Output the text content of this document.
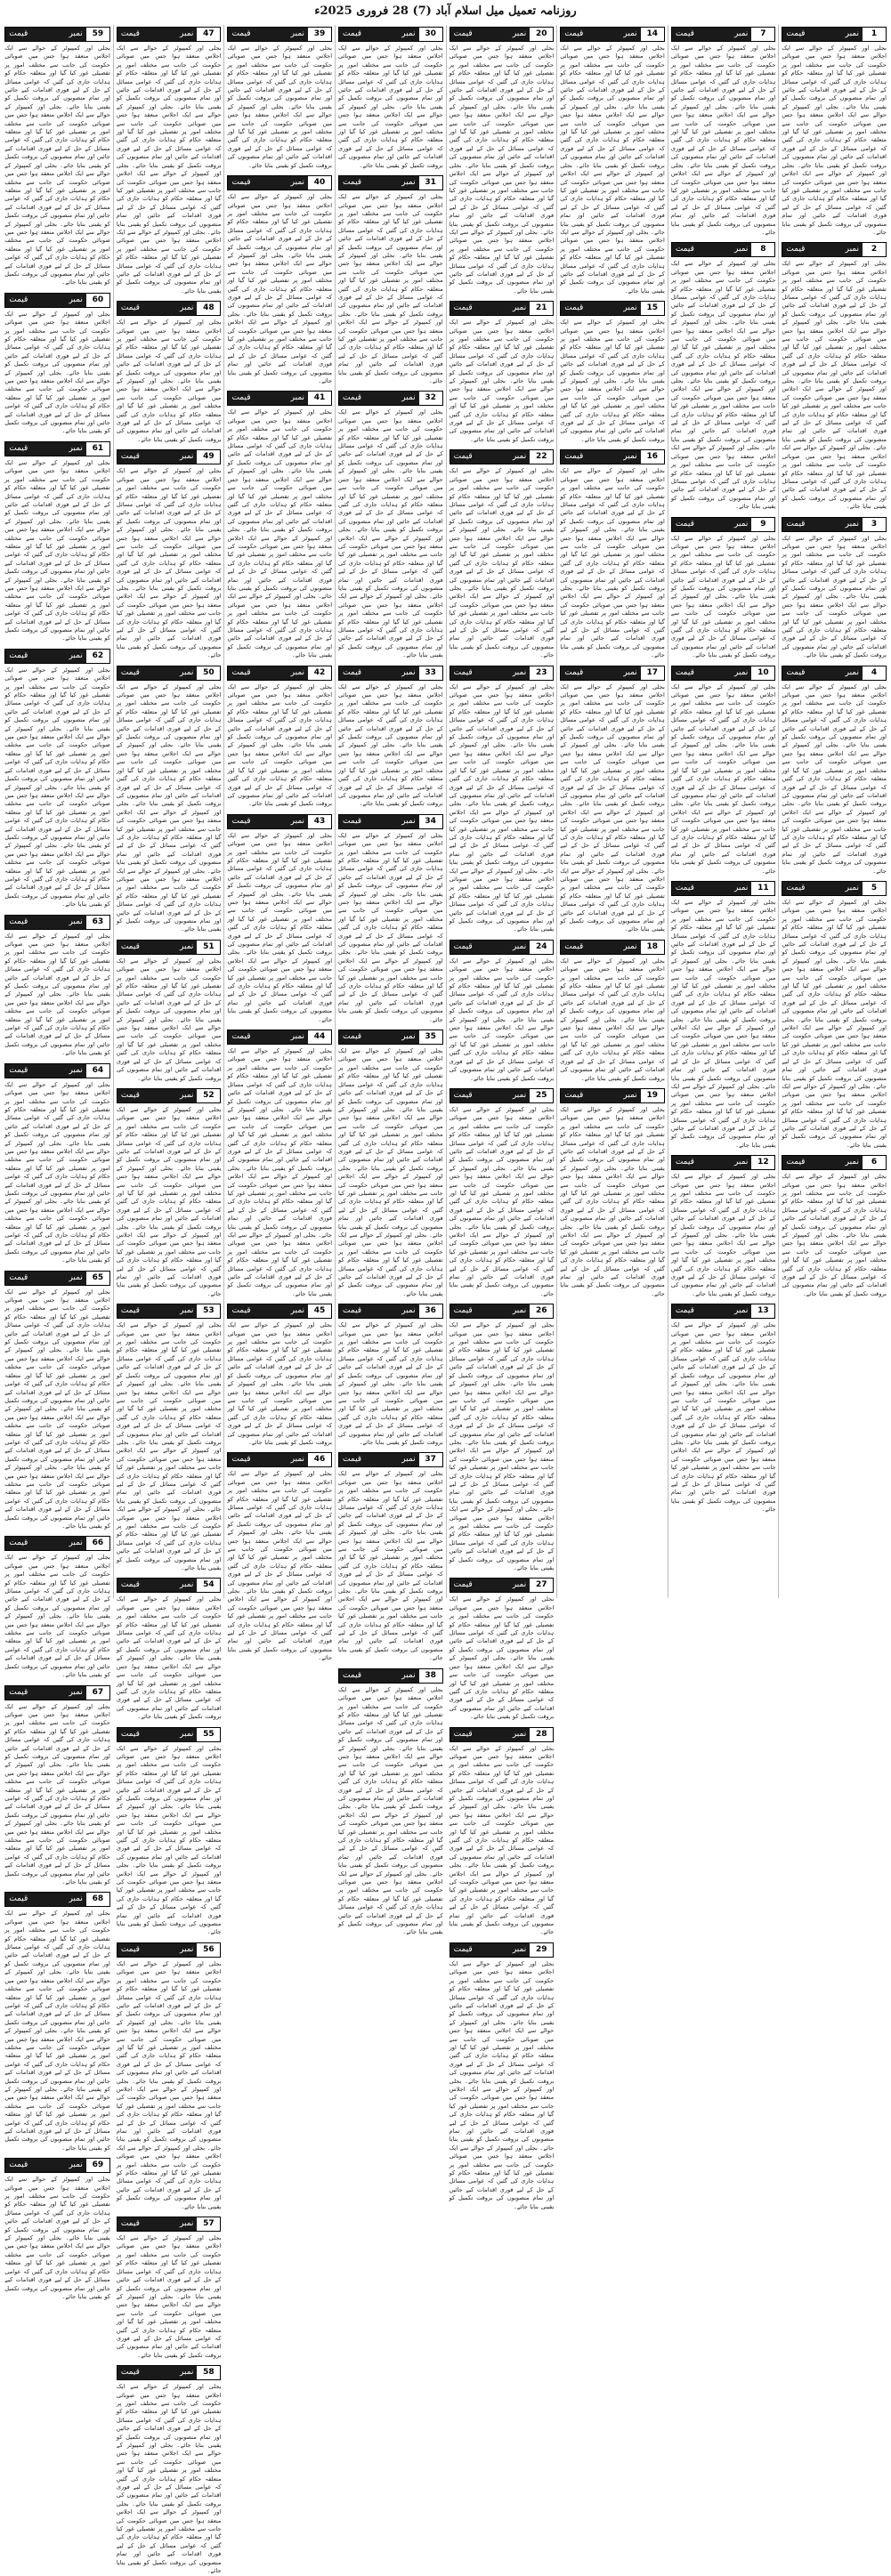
روزنامہ تعمیل میل اسلام آباد (7) 28 فروری 2025ء
نمبر
قیمت	1
بجلی اور کمپیوٹر کے حوالے سے ایک اجلاس منعقد ہوا جس میں صوبائی حکومت کی جانب سے مختلف امور پر تفصیلی غور کیا گیا اور متعلقہ حکام کو ہدایات جاری کی گئیں کہ عوامی مسائل کے حل کے لیے فوری اقدامات کیے جائیں اور تمام منصوبوں کی بروقت تکمیل کو یقینی بنایا جائے۔ بجلی اور کمپیوٹر کے حوالے سے ایک اجلاس منعقد ہوا جس میں صوبائی حکومت کی جانب سے مختلف امور پر تفصیلی غور کیا گیا اور متعلقہ حکام کو ہدایات جاری کی گئیں کہ عوامی مسائل کے حل کے لیے فوری اقدامات کیے جائیں اور تمام منصوبوں کی بروقت تکمیل کو یقینی بنایا جائے۔ بجلی اور کمپیوٹر کے حوالے سے ایک اجلاس منعقد ہوا جس میں صوبائی حکومت کی جانب سے مختلف امور پر تفصیلی غور کیا گیا اور متعلقہ حکام کو ہدایات جاری کی گئیں کہ عوامی مسائل کے حل کے لیے فوری اقدامات کیے جائیں اور تمام منصوبوں کی بروقت تکمیل کو یقینی بنایا جائے۔
نمبر
قیمت	2
بجلی اور کمپیوٹر کے حوالے سے ایک اجلاس منعقد ہوا جس میں صوبائی حکومت کی جانب سے مختلف امور پر تفصیلی غور کیا گیا اور متعلقہ حکام کو ہدایات جاری کی گئیں کہ عوامی مسائل کے حل کے لیے فوری اقدامات کیے جائیں اور تمام منصوبوں کی بروقت تکمیل کو یقینی بنایا جائے۔ بجلی اور کمپیوٹر کے حوالے سے ایک اجلاس منعقد ہوا جس میں صوبائی حکومت کی جانب سے مختلف امور پر تفصیلی غور کیا گیا اور متعلقہ حکام کو ہدایات جاری کی گئیں کہ عوامی مسائل کے حل کے لیے فوری اقدامات کیے جائیں اور تمام منصوبوں کی بروقت تکمیل کو یقینی بنایا جائے۔ بجلی اور کمپیوٹر کے حوالے سے ایک اجلاس منعقد ہوا جس میں صوبائی حکومت کی جانب سے مختلف امور پر تفصیلی غور کیا گیا اور متعلقہ حکام کو ہدایات جاری کی گئیں کہ عوامی مسائل کے حل کے لیے فوری اقدامات کیے جائیں اور تمام منصوبوں کی بروقت تکمیل کو یقینی بنایا جائے۔ بجلی اور کمپیوٹر کے حوالے سے ایک اجلاس منعقد ہوا جس میں صوبائی حکومت کی جانب سے مختلف امور پر تفصیلی غور کیا گیا اور متعلقہ حکام کو ہدایات جاری کی گئیں کہ عوامی مسائل کے حل کے لیے فوری اقدامات کیے جائیں اور تمام منصوبوں کی بروقت تکمیل کو یقینی بنایا جائے۔
نمبر
قیمت	3
بجلی اور کمپیوٹر کے حوالے سے ایک اجلاس منعقد ہوا جس میں صوبائی حکومت کی جانب سے مختلف امور پر تفصیلی غور کیا گیا اور متعلقہ حکام کو ہدایات جاری کی گئیں کہ عوامی مسائل کے حل کے لیے فوری اقدامات کیے جائیں اور تمام منصوبوں کی بروقت تکمیل کو یقینی بنایا جائے۔ بجلی اور کمپیوٹر کے حوالے سے ایک اجلاس منعقد ہوا جس میں صوبائی حکومت کی جانب سے مختلف امور پر تفصیلی غور کیا گیا اور متعلقہ حکام کو ہدایات جاری کی گئیں کہ عوامی مسائل کے حل کے لیے فوری اقدامات کیے جائیں اور تمام منصوبوں کی بروقت تکمیل کو یقینی بنایا جائے۔
نمبر
قیمت	4
بجلی اور کمپیوٹر کے حوالے سے ایک اجلاس منعقد ہوا جس میں صوبائی حکومت کی جانب سے مختلف امور پر تفصیلی غور کیا گیا اور متعلقہ حکام کو ہدایات جاری کی گئیں کہ عوامی مسائل کے حل کے لیے فوری اقدامات کیے جائیں اور تمام منصوبوں کی بروقت تکمیل کو یقینی بنایا جائے۔ بجلی اور کمپیوٹر کے حوالے سے ایک اجلاس منعقد ہوا جس میں صوبائی حکومت کی جانب سے مختلف امور پر تفصیلی غور کیا گیا اور متعلقہ حکام کو ہدایات جاری کی گئیں کہ عوامی مسائل کے حل کے لیے فوری اقدامات کیے جائیں اور تمام منصوبوں کی بروقت تکمیل کو یقینی بنایا جائے۔ بجلی اور کمپیوٹر کے حوالے سے ایک اجلاس منعقد ہوا جس میں صوبائی حکومت کی جانب سے مختلف امور پر تفصیلی غور کیا گیا اور متعلقہ حکام کو ہدایات جاری کی گئیں کہ عوامی مسائل کے حل کے لیے فوری اقدامات کیے جائیں اور تمام منصوبوں کی بروقت تکمیل کو یقینی بنایا جائے۔
نمبر
قیمت	5
بجلی اور کمپیوٹر کے حوالے سے ایک اجلاس منعقد ہوا جس میں صوبائی حکومت کی جانب سے مختلف امور پر تفصیلی غور کیا گیا اور متعلقہ حکام کو ہدایات جاری کی گئیں کہ عوامی مسائل کے حل کے لیے فوری اقدامات کیے جائیں اور تمام منصوبوں کی بروقت تکمیل کو یقینی بنایا جائے۔ بجلی اور کمپیوٹر کے حوالے سے ایک اجلاس منعقد ہوا جس میں صوبائی حکومت کی جانب سے مختلف امور پر تفصیلی غور کیا گیا اور متعلقہ حکام کو ہدایات جاری کی گئیں کہ عوامی مسائل کے حل کے لیے فوری اقدامات کیے جائیں اور تمام منصوبوں کی بروقت تکمیل کو یقینی بنایا جائے۔ بجلی اور کمپیوٹر کے حوالے سے ایک اجلاس منعقد ہوا جس میں صوبائی حکومت کی جانب سے مختلف امور پر تفصیلی غور کیا گیا اور متعلقہ حکام کو ہدایات جاری کی گئیں کہ عوامی مسائل کے حل کے لیے فوری اقدامات کیے جائیں اور تمام منصوبوں کی بروقت تکمیل کو یقینی بنایا جائے۔ بجلی اور کمپیوٹر کے حوالے سے ایک اجلاس منعقد ہوا جس میں صوبائی حکومت کی جانب سے مختلف امور پر تفصیلی غور کیا گیا اور متعلقہ حکام کو ہدایات جاری کی گئیں کہ عوامی مسائل کے حل کے لیے فوری اقدامات کیے جائیں اور تمام منصوبوں کی بروقت تکمیل کو یقینی بنایا جائے۔
نمبر
قیمت	6
بجلی اور کمپیوٹر کے حوالے سے ایک اجلاس منعقد ہوا جس میں صوبائی حکومت کی جانب سے مختلف امور پر تفصیلی غور کیا گیا اور متعلقہ حکام کو ہدایات جاری کی گئیں کہ عوامی مسائل کے حل کے لیے فوری اقدامات کیے جائیں اور تمام منصوبوں کی بروقت تکمیل کو یقینی بنایا جائے۔ بجلی اور کمپیوٹر کے حوالے سے ایک اجلاس منعقد ہوا جس میں صوبائی حکومت کی جانب سے مختلف امور پر تفصیلی غور کیا گیا اور متعلقہ حکام کو ہدایات جاری کی گئیں کہ عوامی مسائل کے حل کے لیے فوری اقدامات کیے جائیں اور تمام منصوبوں کی بروقت تکمیل کو یقینی بنایا جائے۔
نمبر
قیمت	7
بجلی اور کمپیوٹر کے حوالے سے ایک اجلاس منعقد ہوا جس میں صوبائی حکومت کی جانب سے مختلف امور پر تفصیلی غور کیا گیا اور متعلقہ حکام کو ہدایات جاری کی گئیں کہ عوامی مسائل کے حل کے لیے فوری اقدامات کیے جائیں اور تمام منصوبوں کی بروقت تکمیل کو یقینی بنایا جائے۔ بجلی اور کمپیوٹر کے حوالے سے ایک اجلاس منعقد ہوا جس میں صوبائی حکومت کی جانب سے مختلف امور پر تفصیلی غور کیا گیا اور متعلقہ حکام کو ہدایات جاری کی گئیں کہ عوامی مسائل کے حل کے لیے فوری اقدامات کیے جائیں اور تمام منصوبوں کی بروقت تکمیل کو یقینی بنایا جائے۔ بجلی اور کمپیوٹر کے حوالے سے ایک اجلاس منعقد ہوا جس میں صوبائی حکومت کی جانب سے مختلف امور پر تفصیلی غور کیا گیا اور متعلقہ حکام کو ہدایات جاری کی گئیں کہ عوامی مسائل کے حل کے لیے فوری اقدامات کیے جائیں اور تمام منصوبوں کی بروقت تکمیل کو یقینی بنایا جائے۔
نمبر
قیمت	8
بجلی اور کمپیوٹر کے حوالے سے ایک اجلاس منعقد ہوا جس میں صوبائی حکومت کی جانب سے مختلف امور پر تفصیلی غور کیا گیا اور متعلقہ حکام کو ہدایات جاری کی گئیں کہ عوامی مسائل کے حل کے لیے فوری اقدامات کیے جائیں اور تمام منصوبوں کی بروقت تکمیل کو یقینی بنایا جائے۔ بجلی اور کمپیوٹر کے حوالے سے ایک اجلاس منعقد ہوا جس میں صوبائی حکومت کی جانب سے مختلف امور پر تفصیلی غور کیا گیا اور متعلقہ حکام کو ہدایات جاری کی گئیں کہ عوامی مسائل کے حل کے لیے فوری اقدامات کیے جائیں اور تمام منصوبوں کی بروقت تکمیل کو یقینی بنایا جائے۔ بجلی اور کمپیوٹر کے حوالے سے ایک اجلاس منعقد ہوا جس میں صوبائی حکومت کی جانب سے مختلف امور پر تفصیلی غور کیا گیا اور متعلقہ حکام کو ہدایات جاری کی گئیں کہ عوامی مسائل کے حل کے لیے فوری اقدامات کیے جائیں اور تمام منصوبوں کی بروقت تکمیل کو یقینی بنایا جائے۔ بجلی اور کمپیوٹر کے حوالے سے ایک اجلاس منعقد ہوا جس میں صوبائی حکومت کی جانب سے مختلف امور پر تفصیلی غور کیا گیا اور متعلقہ حکام کو ہدایات جاری کی گئیں کہ عوامی مسائل کے حل کے لیے فوری اقدامات کیے جائیں اور تمام منصوبوں کی بروقت تکمیل کو یقینی بنایا جائے۔
نمبر
قیمت	9
بجلی اور کمپیوٹر کے حوالے سے ایک اجلاس منعقد ہوا جس میں صوبائی حکومت کی جانب سے مختلف امور پر تفصیلی غور کیا گیا اور متعلقہ حکام کو ہدایات جاری کی گئیں کہ عوامی مسائل کے حل کے لیے فوری اقدامات کیے جائیں اور تمام منصوبوں کی بروقت تکمیل کو یقینی بنایا جائے۔ بجلی اور کمپیوٹر کے حوالے سے ایک اجلاس منعقد ہوا جس میں صوبائی حکومت کی جانب سے مختلف امور پر تفصیلی غور کیا گیا اور متعلقہ حکام کو ہدایات جاری کی گئیں کہ عوامی مسائل کے حل کے لیے فوری اقدامات کیے جائیں اور تمام منصوبوں کی بروقت تکمیل کو یقینی بنایا جائے۔
نمبر
قیمت	10
بجلی اور کمپیوٹر کے حوالے سے ایک اجلاس منعقد ہوا جس میں صوبائی حکومت کی جانب سے مختلف امور پر تفصیلی غور کیا گیا اور متعلقہ حکام کو ہدایات جاری کی گئیں کہ عوامی مسائل کے حل کے لیے فوری اقدامات کیے جائیں اور تمام منصوبوں کی بروقت تکمیل کو یقینی بنایا جائے۔ بجلی اور کمپیوٹر کے حوالے سے ایک اجلاس منعقد ہوا جس میں صوبائی حکومت کی جانب سے مختلف امور پر تفصیلی غور کیا گیا اور متعلقہ حکام کو ہدایات جاری کی گئیں کہ عوامی مسائل کے حل کے لیے فوری اقدامات کیے جائیں اور تمام منصوبوں کی بروقت تکمیل کو یقینی بنایا جائے۔ بجلی اور کمپیوٹر کے حوالے سے ایک اجلاس منعقد ہوا جس میں صوبائی حکومت کی جانب سے مختلف امور پر تفصیلی غور کیا گیا اور متعلقہ حکام کو ہدایات جاری کی گئیں کہ عوامی مسائل کے حل کے لیے فوری اقدامات کیے جائیں اور تمام منصوبوں کی بروقت تکمیل کو یقینی بنایا جائے۔
نمبر
قیمت	11
بجلی اور کمپیوٹر کے حوالے سے ایک اجلاس منعقد ہوا جس میں صوبائی حکومت کی جانب سے مختلف امور پر تفصیلی غور کیا گیا اور متعلقہ حکام کو ہدایات جاری کی گئیں کہ عوامی مسائل کے حل کے لیے فوری اقدامات کیے جائیں اور تمام منصوبوں کی بروقت تکمیل کو یقینی بنایا جائے۔ بجلی اور کمپیوٹر کے حوالے سے ایک اجلاس منعقد ہوا جس میں صوبائی حکومت کی جانب سے مختلف امور پر تفصیلی غور کیا گیا اور متعلقہ حکام کو ہدایات جاری کی گئیں کہ عوامی مسائل کے حل کے لیے فوری اقدامات کیے جائیں اور تمام منصوبوں کی بروقت تکمیل کو یقینی بنایا جائے۔ بجلی اور کمپیوٹر کے حوالے سے ایک اجلاس منعقد ہوا جس میں صوبائی حکومت کی جانب سے مختلف امور پر تفصیلی غور کیا گیا اور متعلقہ حکام کو ہدایات جاری کی گئیں کہ عوامی مسائل کے حل کے لیے فوری اقدامات کیے جائیں اور تمام منصوبوں کی بروقت تکمیل کو یقینی بنایا جائے۔ بجلی اور کمپیوٹر کے حوالے سے ایک اجلاس منعقد ہوا جس میں صوبائی حکومت کی جانب سے مختلف امور پر تفصیلی غور کیا گیا اور متعلقہ حکام کو ہدایات جاری کی گئیں کہ عوامی مسائل کے حل کے لیے فوری اقدامات کیے جائیں اور تمام منصوبوں کی بروقت تکمیل کو یقینی بنایا جائے۔
نمبر
قیمت	12
بجلی اور کمپیوٹر کے حوالے سے ایک اجلاس منعقد ہوا جس میں صوبائی حکومت کی جانب سے مختلف امور پر تفصیلی غور کیا گیا اور متعلقہ حکام کو ہدایات جاری کی گئیں کہ عوامی مسائل کے حل کے لیے فوری اقدامات کیے جائیں اور تمام منصوبوں کی بروقت تکمیل کو یقینی بنایا جائے۔ بجلی اور کمپیوٹر کے حوالے سے ایک اجلاس منعقد ہوا جس میں صوبائی حکومت کی جانب سے مختلف امور پر تفصیلی غور کیا گیا اور متعلقہ حکام کو ہدایات جاری کی گئیں کہ عوامی مسائل کے حل کے لیے فوری اقدامات کیے جائیں اور تمام منصوبوں کی بروقت تکمیل کو یقینی بنایا جائے۔
نمبر
قیمت	13
بجلی اور کمپیوٹر کے حوالے سے ایک اجلاس منعقد ہوا جس میں صوبائی حکومت کی جانب سے مختلف امور پر تفصیلی غور کیا گیا اور متعلقہ حکام کو ہدایات جاری کی گئیں کہ عوامی مسائل کے حل کے لیے فوری اقدامات کیے جائیں اور تمام منصوبوں کی بروقت تکمیل کو یقینی بنایا جائے۔ بجلی اور کمپیوٹر کے حوالے سے ایک اجلاس منعقد ہوا جس میں صوبائی حکومت کی جانب سے مختلف امور پر تفصیلی غور کیا گیا اور متعلقہ حکام کو ہدایات جاری کی گئیں کہ عوامی مسائل کے حل کے لیے فوری اقدامات کیے جائیں اور تمام منصوبوں کی بروقت تکمیل کو یقینی بنایا جائے۔ بجلی اور کمپیوٹر کے حوالے سے ایک اجلاس منعقد ہوا جس میں صوبائی حکومت کی جانب سے مختلف امور پر تفصیلی غور کیا گیا اور متعلقہ حکام کو ہدایات جاری کی گئیں کہ عوامی مسائل کے حل کے لیے فوری اقدامات کیے جائیں اور تمام منصوبوں کی بروقت تکمیل کو یقینی بنایا جائے۔
نمبر
قیمت	14
بجلی اور کمپیوٹر کے حوالے سے ایک اجلاس منعقد ہوا جس میں صوبائی حکومت کی جانب سے مختلف امور پر تفصیلی غور کیا گیا اور متعلقہ حکام کو ہدایات جاری کی گئیں کہ عوامی مسائل کے حل کے لیے فوری اقدامات کیے جائیں اور تمام منصوبوں کی بروقت تکمیل کو یقینی بنایا جائے۔ بجلی اور کمپیوٹر کے حوالے سے ایک اجلاس منعقد ہوا جس میں صوبائی حکومت کی جانب سے مختلف امور پر تفصیلی غور کیا گیا اور متعلقہ حکام کو ہدایات جاری کی گئیں کہ عوامی مسائل کے حل کے لیے فوری اقدامات کیے جائیں اور تمام منصوبوں کی بروقت تکمیل کو یقینی بنایا جائے۔ بجلی اور کمپیوٹر کے حوالے سے ایک اجلاس منعقد ہوا جس میں صوبائی حکومت کی جانب سے مختلف امور پر تفصیلی غور کیا گیا اور متعلقہ حکام کو ہدایات جاری کی گئیں کہ عوامی مسائل کے حل کے لیے فوری اقدامات کیے جائیں اور تمام منصوبوں کی بروقت تکمیل کو یقینی بنایا جائے۔ بجلی اور کمپیوٹر کے حوالے سے ایک اجلاس منعقد ہوا جس میں صوبائی حکومت کی جانب سے مختلف امور پر تفصیلی غور کیا گیا اور متعلقہ حکام کو ہدایات جاری کی گئیں کہ عوامی مسائل کے حل کے لیے فوری اقدامات کیے جائیں اور تمام منصوبوں کی بروقت تکمیل کو یقینی بنایا جائے۔
نمبر
قیمت	15
بجلی اور کمپیوٹر کے حوالے سے ایک اجلاس منعقد ہوا جس میں صوبائی حکومت کی جانب سے مختلف امور پر تفصیلی غور کیا گیا اور متعلقہ حکام کو ہدایات جاری کی گئیں کہ عوامی مسائل کے حل کے لیے فوری اقدامات کیے جائیں اور تمام منصوبوں کی بروقت تکمیل کو یقینی بنایا جائے۔ بجلی اور کمپیوٹر کے حوالے سے ایک اجلاس منعقد ہوا جس میں صوبائی حکومت کی جانب سے مختلف امور پر تفصیلی غور کیا گیا اور متعلقہ حکام کو ہدایات جاری کی گئیں کہ عوامی مسائل کے حل کے لیے فوری اقدامات کیے جائیں اور تمام منصوبوں کی بروقت تکمیل کو یقینی بنایا جائے۔
نمبر
قیمت	16
بجلی اور کمپیوٹر کے حوالے سے ایک اجلاس منعقد ہوا جس میں صوبائی حکومت کی جانب سے مختلف امور پر تفصیلی غور کیا گیا اور متعلقہ حکام کو ہدایات جاری کی گئیں کہ عوامی مسائل کے حل کے لیے فوری اقدامات کیے جائیں اور تمام منصوبوں کی بروقت تکمیل کو یقینی بنایا جائے۔ بجلی اور کمپیوٹر کے حوالے سے ایک اجلاس منعقد ہوا جس میں صوبائی حکومت کی جانب سے مختلف امور پر تفصیلی غور کیا گیا اور متعلقہ حکام کو ہدایات جاری کی گئیں کہ عوامی مسائل کے حل کے لیے فوری اقدامات کیے جائیں اور تمام منصوبوں کی بروقت تکمیل کو یقینی بنایا جائے۔ بجلی اور کمپیوٹر کے حوالے سے ایک اجلاس منعقد ہوا جس میں صوبائی حکومت کی جانب سے مختلف امور پر تفصیلی غور کیا گیا اور متعلقہ حکام کو ہدایات جاری کی گئیں کہ عوامی مسائل کے حل کے لیے فوری اقدامات کیے جائیں اور تمام منصوبوں کی بروقت تکمیل کو یقینی بنایا جائے۔
نمبر
قیمت	17
بجلی اور کمپیوٹر کے حوالے سے ایک اجلاس منعقد ہوا جس میں صوبائی حکومت کی جانب سے مختلف امور پر تفصیلی غور کیا گیا اور متعلقہ حکام کو ہدایات جاری کی گئیں کہ عوامی مسائل کے حل کے لیے فوری اقدامات کیے جائیں اور تمام منصوبوں کی بروقت تکمیل کو یقینی بنایا جائے۔ بجلی اور کمپیوٹر کے حوالے سے ایک اجلاس منعقد ہوا جس میں صوبائی حکومت کی جانب سے مختلف امور پر تفصیلی غور کیا گیا اور متعلقہ حکام کو ہدایات جاری کی گئیں کہ عوامی مسائل کے حل کے لیے فوری اقدامات کیے جائیں اور تمام منصوبوں کی بروقت تکمیل کو یقینی بنایا جائے۔ بجلی اور کمپیوٹر کے حوالے سے ایک اجلاس منعقد ہوا جس میں صوبائی حکومت کی جانب سے مختلف امور پر تفصیلی غور کیا گیا اور متعلقہ حکام کو ہدایات جاری کی گئیں کہ عوامی مسائل کے حل کے لیے فوری اقدامات کیے جائیں اور تمام منصوبوں کی بروقت تکمیل کو یقینی بنایا جائے۔ بجلی اور کمپیوٹر کے حوالے سے ایک اجلاس منعقد ہوا جس میں صوبائی حکومت کی جانب سے مختلف امور پر تفصیلی غور کیا گیا اور متعلقہ حکام کو ہدایات جاری کی گئیں کہ عوامی مسائل کے حل کے لیے فوری اقدامات کیے جائیں اور تمام منصوبوں کی بروقت تکمیل کو یقینی بنایا جائے۔
نمبر
قیمت	18
بجلی اور کمپیوٹر کے حوالے سے ایک اجلاس منعقد ہوا جس میں صوبائی حکومت کی جانب سے مختلف امور پر تفصیلی غور کیا گیا اور متعلقہ حکام کو ہدایات جاری کی گئیں کہ عوامی مسائل کے حل کے لیے فوری اقدامات کیے جائیں اور تمام منصوبوں کی بروقت تکمیل کو یقینی بنایا جائے۔ بجلی اور کمپیوٹر کے حوالے سے ایک اجلاس منعقد ہوا جس میں صوبائی حکومت کی جانب سے مختلف امور پر تفصیلی غور کیا گیا اور متعلقہ حکام کو ہدایات جاری کی گئیں کہ عوامی مسائل کے حل کے لیے فوری اقدامات کیے جائیں اور تمام منصوبوں کی بروقت تکمیل کو یقینی بنایا جائے۔
نمبر
قیمت	19
بجلی اور کمپیوٹر کے حوالے سے ایک اجلاس منعقد ہوا جس میں صوبائی حکومت کی جانب سے مختلف امور پر تفصیلی غور کیا گیا اور متعلقہ حکام کو ہدایات جاری کی گئیں کہ عوامی مسائل کے حل کے لیے فوری اقدامات کیے جائیں اور تمام منصوبوں کی بروقت تکمیل کو یقینی بنایا جائے۔ بجلی اور کمپیوٹر کے حوالے سے ایک اجلاس منعقد ہوا جس میں صوبائی حکومت کی جانب سے مختلف امور پر تفصیلی غور کیا گیا اور متعلقہ حکام کو ہدایات جاری کی گئیں کہ عوامی مسائل کے حل کے لیے فوری اقدامات کیے جائیں اور تمام منصوبوں کی بروقت تکمیل کو یقینی بنایا جائے۔ بجلی اور کمپیوٹر کے حوالے سے ایک اجلاس منعقد ہوا جس میں صوبائی حکومت کی جانب سے مختلف امور پر تفصیلی غور کیا گیا اور متعلقہ حکام کو ہدایات جاری کی گئیں کہ عوامی مسائل کے حل کے لیے فوری اقدامات کیے جائیں اور تمام منصوبوں کی بروقت تکمیل کو یقینی بنایا جائے۔
نمبر
قیمت	20
بجلی اور کمپیوٹر کے حوالے سے ایک اجلاس منعقد ہوا جس میں صوبائی حکومت کی جانب سے مختلف امور پر تفصیلی غور کیا گیا اور متعلقہ حکام کو ہدایات جاری کی گئیں کہ عوامی مسائل کے حل کے لیے فوری اقدامات کیے جائیں اور تمام منصوبوں کی بروقت تکمیل کو یقینی بنایا جائے۔ بجلی اور کمپیوٹر کے حوالے سے ایک اجلاس منعقد ہوا جس میں صوبائی حکومت کی جانب سے مختلف امور پر تفصیلی غور کیا گیا اور متعلقہ حکام کو ہدایات جاری کی گئیں کہ عوامی مسائل کے حل کے لیے فوری اقدامات کیے جائیں اور تمام منصوبوں کی بروقت تکمیل کو یقینی بنایا جائے۔ بجلی اور کمپیوٹر کے حوالے سے ایک اجلاس منعقد ہوا جس میں صوبائی حکومت کی جانب سے مختلف امور پر تفصیلی غور کیا گیا اور متعلقہ حکام کو ہدایات جاری کی گئیں کہ عوامی مسائل کے حل کے لیے فوری اقدامات کیے جائیں اور تمام منصوبوں کی بروقت تکمیل کو یقینی بنایا جائے۔ بجلی اور کمپیوٹر کے حوالے سے ایک اجلاس منعقد ہوا جس میں صوبائی حکومت کی جانب سے مختلف امور پر تفصیلی غور کیا گیا اور متعلقہ حکام کو ہدایات جاری کی گئیں کہ عوامی مسائل کے حل کے لیے فوری اقدامات کیے جائیں اور تمام منصوبوں کی بروقت تکمیل کو یقینی بنایا جائے۔
نمبر
قیمت	21
بجلی اور کمپیوٹر کے حوالے سے ایک اجلاس منعقد ہوا جس میں صوبائی حکومت کی جانب سے مختلف امور پر تفصیلی غور کیا گیا اور متعلقہ حکام کو ہدایات جاری کی گئیں کہ عوامی مسائل کے حل کے لیے فوری اقدامات کیے جائیں اور تمام منصوبوں کی بروقت تکمیل کو یقینی بنایا جائے۔ بجلی اور کمپیوٹر کے حوالے سے ایک اجلاس منعقد ہوا جس میں صوبائی حکومت کی جانب سے مختلف امور پر تفصیلی غور کیا گیا اور متعلقہ حکام کو ہدایات جاری کی گئیں کہ عوامی مسائل کے حل کے لیے فوری اقدامات کیے جائیں اور تمام منصوبوں کی بروقت تکمیل کو یقینی بنایا جائے۔
نمبر
قیمت	22
بجلی اور کمپیوٹر کے حوالے سے ایک اجلاس منعقد ہوا جس میں صوبائی حکومت کی جانب سے مختلف امور پر تفصیلی غور کیا گیا اور متعلقہ حکام کو ہدایات جاری کی گئیں کہ عوامی مسائل کے حل کے لیے فوری اقدامات کیے جائیں اور تمام منصوبوں کی بروقت تکمیل کو یقینی بنایا جائے۔ بجلی اور کمپیوٹر کے حوالے سے ایک اجلاس منعقد ہوا جس میں صوبائی حکومت کی جانب سے مختلف امور پر تفصیلی غور کیا گیا اور متعلقہ حکام کو ہدایات جاری کی گئیں کہ عوامی مسائل کے حل کے لیے فوری اقدامات کیے جائیں اور تمام منصوبوں کی بروقت تکمیل کو یقینی بنایا جائے۔ بجلی اور کمپیوٹر کے حوالے سے ایک اجلاس منعقد ہوا جس میں صوبائی حکومت کی جانب سے مختلف امور پر تفصیلی غور کیا گیا اور متعلقہ حکام کو ہدایات جاری کی گئیں کہ عوامی مسائل کے حل کے لیے فوری اقدامات کیے جائیں اور تمام منصوبوں کی بروقت تکمیل کو یقینی بنایا جائے۔
نمبر
قیمت	23
بجلی اور کمپیوٹر کے حوالے سے ایک اجلاس منعقد ہوا جس میں صوبائی حکومت کی جانب سے مختلف امور پر تفصیلی غور کیا گیا اور متعلقہ حکام کو ہدایات جاری کی گئیں کہ عوامی مسائل کے حل کے لیے فوری اقدامات کیے جائیں اور تمام منصوبوں کی بروقت تکمیل کو یقینی بنایا جائے۔ بجلی اور کمپیوٹر کے حوالے سے ایک اجلاس منعقد ہوا جس میں صوبائی حکومت کی جانب سے مختلف امور پر تفصیلی غور کیا گیا اور متعلقہ حکام کو ہدایات جاری کی گئیں کہ عوامی مسائل کے حل کے لیے فوری اقدامات کیے جائیں اور تمام منصوبوں کی بروقت تکمیل کو یقینی بنایا جائے۔ بجلی اور کمپیوٹر کے حوالے سے ایک اجلاس منعقد ہوا جس میں صوبائی حکومت کی جانب سے مختلف امور پر تفصیلی غور کیا گیا اور متعلقہ حکام کو ہدایات جاری کی گئیں کہ عوامی مسائل کے حل کے لیے فوری اقدامات کیے جائیں اور تمام منصوبوں کی بروقت تکمیل کو یقینی بنایا جائے۔ بجلی اور کمپیوٹر کے حوالے سے ایک اجلاس منعقد ہوا جس میں صوبائی حکومت کی جانب سے مختلف امور پر تفصیلی غور کیا گیا اور متعلقہ حکام کو ہدایات جاری کی گئیں کہ عوامی مسائل کے حل کے لیے فوری اقدامات کیے جائیں اور تمام منصوبوں کی بروقت تکمیل کو یقینی بنایا جائے۔
نمبر
قیمت	24
بجلی اور کمپیوٹر کے حوالے سے ایک اجلاس منعقد ہوا جس میں صوبائی حکومت کی جانب سے مختلف امور پر تفصیلی غور کیا گیا اور متعلقہ حکام کو ہدایات جاری کی گئیں کہ عوامی مسائل کے حل کے لیے فوری اقدامات کیے جائیں اور تمام منصوبوں کی بروقت تکمیل کو یقینی بنایا جائے۔ بجلی اور کمپیوٹر کے حوالے سے ایک اجلاس منعقد ہوا جس میں صوبائی حکومت کی جانب سے مختلف امور پر تفصیلی غور کیا گیا اور متعلقہ حکام کو ہدایات جاری کی گئیں کہ عوامی مسائل کے حل کے لیے فوری اقدامات کیے جائیں اور تمام منصوبوں کی بروقت تکمیل کو یقینی بنایا جائے۔
نمبر
قیمت	25
بجلی اور کمپیوٹر کے حوالے سے ایک اجلاس منعقد ہوا جس میں صوبائی حکومت کی جانب سے مختلف امور پر تفصیلی غور کیا گیا اور متعلقہ حکام کو ہدایات جاری کی گئیں کہ عوامی مسائل کے حل کے لیے فوری اقدامات کیے جائیں اور تمام منصوبوں کی بروقت تکمیل کو یقینی بنایا جائے۔ بجلی اور کمپیوٹر کے حوالے سے ایک اجلاس منعقد ہوا جس میں صوبائی حکومت کی جانب سے مختلف امور پر تفصیلی غور کیا گیا اور متعلقہ حکام کو ہدایات جاری کی گئیں کہ عوامی مسائل کے حل کے لیے فوری اقدامات کیے جائیں اور تمام منصوبوں کی بروقت تکمیل کو یقینی بنایا جائے۔ بجلی اور کمپیوٹر کے حوالے سے ایک اجلاس منعقد ہوا جس میں صوبائی حکومت کی جانب سے مختلف امور پر تفصیلی غور کیا گیا اور متعلقہ حکام کو ہدایات جاری کی گئیں کہ عوامی مسائل کے حل کے لیے فوری اقدامات کیے جائیں اور تمام منصوبوں کی بروقت تکمیل کو یقینی بنایا جائے۔
نمبر
قیمت	26
بجلی اور کمپیوٹر کے حوالے سے ایک اجلاس منعقد ہوا جس میں صوبائی حکومت کی جانب سے مختلف امور پر تفصیلی غور کیا گیا اور متعلقہ حکام کو ہدایات جاری کی گئیں کہ عوامی مسائل کے حل کے لیے فوری اقدامات کیے جائیں اور تمام منصوبوں کی بروقت تکمیل کو یقینی بنایا جائے۔ بجلی اور کمپیوٹر کے حوالے سے ایک اجلاس منعقد ہوا جس میں صوبائی حکومت کی جانب سے مختلف امور پر تفصیلی غور کیا گیا اور متعلقہ حکام کو ہدایات جاری کی گئیں کہ عوامی مسائل کے حل کے لیے فوری اقدامات کیے جائیں اور تمام منصوبوں کی بروقت تکمیل کو یقینی بنایا جائے۔ بجلی اور کمپیوٹر کے حوالے سے ایک اجلاس منعقد ہوا جس میں صوبائی حکومت کی جانب سے مختلف امور پر تفصیلی غور کیا گیا اور متعلقہ حکام کو ہدایات جاری کی گئیں کہ عوامی مسائل کے حل کے لیے فوری اقدامات کیے جائیں اور تمام منصوبوں کی بروقت تکمیل کو یقینی بنایا جائے۔ بجلی اور کمپیوٹر کے حوالے سے ایک اجلاس منعقد ہوا جس میں صوبائی حکومت کی جانب سے مختلف امور پر تفصیلی غور کیا گیا اور متعلقہ حکام کو ہدایات جاری کی گئیں کہ عوامی مسائل کے حل کے لیے فوری اقدامات کیے جائیں اور تمام منصوبوں کی بروقت تکمیل کو یقینی بنایا جائے۔
نمبر
قیمت	27
بجلی اور کمپیوٹر کے حوالے سے ایک اجلاس منعقد ہوا جس میں صوبائی حکومت کی جانب سے مختلف امور پر تفصیلی غور کیا گیا اور متعلقہ حکام کو ہدایات جاری کی گئیں کہ عوامی مسائل کے حل کے لیے فوری اقدامات کیے جائیں اور تمام منصوبوں کی بروقت تکمیل کو یقینی بنایا جائے۔ بجلی اور کمپیوٹر کے حوالے سے ایک اجلاس منعقد ہوا جس میں صوبائی حکومت کی جانب سے مختلف امور پر تفصیلی غور کیا گیا اور متعلقہ حکام کو ہدایات جاری کی گئیں کہ عوامی مسائل کے حل کے لیے فوری اقدامات کیے جائیں اور تمام منصوبوں کی بروقت تکمیل کو یقینی بنایا جائے۔
نمبر
قیمت	28
بجلی اور کمپیوٹر کے حوالے سے ایک اجلاس منعقد ہوا جس میں صوبائی حکومت کی جانب سے مختلف امور پر تفصیلی غور کیا گیا اور متعلقہ حکام کو ہدایات جاری کی گئیں کہ عوامی مسائل کے حل کے لیے فوری اقدامات کیے جائیں اور تمام منصوبوں کی بروقت تکمیل کو یقینی بنایا جائے۔ بجلی اور کمپیوٹر کے حوالے سے ایک اجلاس منعقد ہوا جس میں صوبائی حکومت کی جانب سے مختلف امور پر تفصیلی غور کیا گیا اور متعلقہ حکام کو ہدایات جاری کی گئیں کہ عوامی مسائل کے حل کے لیے فوری اقدامات کیے جائیں اور تمام منصوبوں کی بروقت تکمیل کو یقینی بنایا جائے۔ بجلی اور کمپیوٹر کے حوالے سے ایک اجلاس منعقد ہوا جس میں صوبائی حکومت کی جانب سے مختلف امور پر تفصیلی غور کیا گیا اور متعلقہ حکام کو ہدایات جاری کی گئیں کہ عوامی مسائل کے حل کے لیے فوری اقدامات کیے جائیں اور تمام منصوبوں کی بروقت تکمیل کو یقینی بنایا جائے۔
نمبر
قیمت	29
بجلی اور کمپیوٹر کے حوالے سے ایک اجلاس منعقد ہوا جس میں صوبائی حکومت کی جانب سے مختلف امور پر تفصیلی غور کیا گیا اور متعلقہ حکام کو ہدایات جاری کی گئیں کہ عوامی مسائل کے حل کے لیے فوری اقدامات کیے جائیں اور تمام منصوبوں کی بروقت تکمیل کو یقینی بنایا جائے۔ بجلی اور کمپیوٹر کے حوالے سے ایک اجلاس منعقد ہوا جس میں صوبائی حکومت کی جانب سے مختلف امور پر تفصیلی غور کیا گیا اور متعلقہ حکام کو ہدایات جاری کی گئیں کہ عوامی مسائل کے حل کے لیے فوری اقدامات کیے جائیں اور تمام منصوبوں کی بروقت تکمیل کو یقینی بنایا جائے۔ بجلی اور کمپیوٹر کے حوالے سے ایک اجلاس منعقد ہوا جس میں صوبائی حکومت کی جانب سے مختلف امور پر تفصیلی غور کیا گیا اور متعلقہ حکام کو ہدایات جاری کی گئیں کہ عوامی مسائل کے حل کے لیے فوری اقدامات کیے جائیں اور تمام منصوبوں کی بروقت تکمیل کو یقینی بنایا جائے۔ بجلی اور کمپیوٹر کے حوالے سے ایک اجلاس منعقد ہوا جس میں صوبائی حکومت کی جانب سے مختلف امور پر تفصیلی غور کیا گیا اور متعلقہ حکام کو ہدایات جاری کی گئیں کہ عوامی مسائل کے حل کے لیے فوری اقدامات کیے جائیں اور تمام منصوبوں کی بروقت تکمیل کو یقینی بنایا جائے۔
نمبر
قیمت	30
بجلی اور کمپیوٹر کے حوالے سے ایک اجلاس منعقد ہوا جس میں صوبائی حکومت کی جانب سے مختلف امور پر تفصیلی غور کیا گیا اور متعلقہ حکام کو ہدایات جاری کی گئیں کہ عوامی مسائل کے حل کے لیے فوری اقدامات کیے جائیں اور تمام منصوبوں کی بروقت تکمیل کو یقینی بنایا جائے۔ بجلی اور کمپیوٹر کے حوالے سے ایک اجلاس منعقد ہوا جس میں صوبائی حکومت کی جانب سے مختلف امور پر تفصیلی غور کیا گیا اور متعلقہ حکام کو ہدایات جاری کی گئیں کہ عوامی مسائل کے حل کے لیے فوری اقدامات کیے جائیں اور تمام منصوبوں کی بروقت تکمیل کو یقینی بنایا جائے۔
نمبر
قیمت	31
بجلی اور کمپیوٹر کے حوالے سے ایک اجلاس منعقد ہوا جس میں صوبائی حکومت کی جانب سے مختلف امور پر تفصیلی غور کیا گیا اور متعلقہ حکام کو ہدایات جاری کی گئیں کہ عوامی مسائل کے حل کے لیے فوری اقدامات کیے جائیں اور تمام منصوبوں کی بروقت تکمیل کو یقینی بنایا جائے۔ بجلی اور کمپیوٹر کے حوالے سے ایک اجلاس منعقد ہوا جس میں صوبائی حکومت کی جانب سے مختلف امور پر تفصیلی غور کیا گیا اور متعلقہ حکام کو ہدایات جاری کی گئیں کہ عوامی مسائل کے حل کے لیے فوری اقدامات کیے جائیں اور تمام منصوبوں کی بروقت تکمیل کو یقینی بنایا جائے۔ بجلی اور کمپیوٹر کے حوالے سے ایک اجلاس منعقد ہوا جس میں صوبائی حکومت کی جانب سے مختلف امور پر تفصیلی غور کیا گیا اور متعلقہ حکام کو ہدایات جاری کی گئیں کہ عوامی مسائل کے حل کے لیے فوری اقدامات کیے جائیں اور تمام منصوبوں کی بروقت تکمیل کو یقینی بنایا جائے۔
نمبر
قیمت	32
بجلی اور کمپیوٹر کے حوالے سے ایک اجلاس منعقد ہوا جس میں صوبائی حکومت کی جانب سے مختلف امور پر تفصیلی غور کیا گیا اور متعلقہ حکام کو ہدایات جاری کی گئیں کہ عوامی مسائل کے حل کے لیے فوری اقدامات کیے جائیں اور تمام منصوبوں کی بروقت تکمیل کو یقینی بنایا جائے۔ بجلی اور کمپیوٹر کے حوالے سے ایک اجلاس منعقد ہوا جس میں صوبائی حکومت کی جانب سے مختلف امور پر تفصیلی غور کیا گیا اور متعلقہ حکام کو ہدایات جاری کی گئیں کہ عوامی مسائل کے حل کے لیے فوری اقدامات کیے جائیں اور تمام منصوبوں کی بروقت تکمیل کو یقینی بنایا جائے۔ بجلی اور کمپیوٹر کے حوالے سے ایک اجلاس منعقد ہوا جس میں صوبائی حکومت کی جانب سے مختلف امور پر تفصیلی غور کیا گیا اور متعلقہ حکام کو ہدایات جاری کی گئیں کہ عوامی مسائل کے حل کے لیے فوری اقدامات کیے جائیں اور تمام منصوبوں کی بروقت تکمیل کو یقینی بنایا جائے۔ بجلی اور کمپیوٹر کے حوالے سے ایک اجلاس منعقد ہوا جس میں صوبائی حکومت کی جانب سے مختلف امور پر تفصیلی غور کیا گیا اور متعلقہ حکام کو ہدایات جاری کی گئیں کہ عوامی مسائل کے حل کے لیے فوری اقدامات کیے جائیں اور تمام منصوبوں کی بروقت تکمیل کو یقینی بنایا جائے۔
نمبر
قیمت	33
بجلی اور کمپیوٹر کے حوالے سے ایک اجلاس منعقد ہوا جس میں صوبائی حکومت کی جانب سے مختلف امور پر تفصیلی غور کیا گیا اور متعلقہ حکام کو ہدایات جاری کی گئیں کہ عوامی مسائل کے حل کے لیے فوری اقدامات کیے جائیں اور تمام منصوبوں کی بروقت تکمیل کو یقینی بنایا جائے۔ بجلی اور کمپیوٹر کے حوالے سے ایک اجلاس منعقد ہوا جس میں صوبائی حکومت کی جانب سے مختلف امور پر تفصیلی غور کیا گیا اور متعلقہ حکام کو ہدایات جاری کی گئیں کہ عوامی مسائل کے حل کے لیے فوری اقدامات کیے جائیں اور تمام منصوبوں کی بروقت تکمیل کو یقینی بنایا جائے۔
نمبر
قیمت	34
بجلی اور کمپیوٹر کے حوالے سے ایک اجلاس منعقد ہوا جس میں صوبائی حکومت کی جانب سے مختلف امور پر تفصیلی غور کیا گیا اور متعلقہ حکام کو ہدایات جاری کی گئیں کہ عوامی مسائل کے حل کے لیے فوری اقدامات کیے جائیں اور تمام منصوبوں کی بروقت تکمیل کو یقینی بنایا جائے۔ بجلی اور کمپیوٹر کے حوالے سے ایک اجلاس منعقد ہوا جس میں صوبائی حکومت کی جانب سے مختلف امور پر تفصیلی غور کیا گیا اور متعلقہ حکام کو ہدایات جاری کی گئیں کہ عوامی مسائل کے حل کے لیے فوری اقدامات کیے جائیں اور تمام منصوبوں کی بروقت تکمیل کو یقینی بنایا جائے۔ بجلی اور کمپیوٹر کے حوالے سے ایک اجلاس منعقد ہوا جس میں صوبائی حکومت کی جانب سے مختلف امور پر تفصیلی غور کیا گیا اور متعلقہ حکام کو ہدایات جاری کی گئیں کہ عوامی مسائل کے حل کے لیے فوری اقدامات کیے جائیں اور تمام منصوبوں کی بروقت تکمیل کو یقینی بنایا جائے۔
نمبر
قیمت	35
بجلی اور کمپیوٹر کے حوالے سے ایک اجلاس منعقد ہوا جس میں صوبائی حکومت کی جانب سے مختلف امور پر تفصیلی غور کیا گیا اور متعلقہ حکام کو ہدایات جاری کی گئیں کہ عوامی مسائل کے حل کے لیے فوری اقدامات کیے جائیں اور تمام منصوبوں کی بروقت تکمیل کو یقینی بنایا جائے۔ بجلی اور کمپیوٹر کے حوالے سے ایک اجلاس منعقد ہوا جس میں صوبائی حکومت کی جانب سے مختلف امور پر تفصیلی غور کیا گیا اور متعلقہ حکام کو ہدایات جاری کی گئیں کہ عوامی مسائل کے حل کے لیے فوری اقدامات کیے جائیں اور تمام منصوبوں کی بروقت تکمیل کو یقینی بنایا جائے۔ بجلی اور کمپیوٹر کے حوالے سے ایک اجلاس منعقد ہوا جس میں صوبائی حکومت کی جانب سے مختلف امور پر تفصیلی غور کیا گیا اور متعلقہ حکام کو ہدایات جاری کی گئیں کہ عوامی مسائل کے حل کے لیے فوری اقدامات کیے جائیں اور تمام منصوبوں کی بروقت تکمیل کو یقینی بنایا جائے۔ بجلی اور کمپیوٹر کے حوالے سے ایک اجلاس منعقد ہوا جس میں صوبائی حکومت کی جانب سے مختلف امور پر تفصیلی غور کیا گیا اور متعلقہ حکام کو ہدایات جاری کی گئیں کہ عوامی مسائل کے حل کے لیے فوری اقدامات کیے جائیں اور تمام منصوبوں کی بروقت تکمیل کو یقینی بنایا جائے۔
نمبر
قیمت	36
بجلی اور کمپیوٹر کے حوالے سے ایک اجلاس منعقد ہوا جس میں صوبائی حکومت کی جانب سے مختلف امور پر تفصیلی غور کیا گیا اور متعلقہ حکام کو ہدایات جاری کی گئیں کہ عوامی مسائل کے حل کے لیے فوری اقدامات کیے جائیں اور تمام منصوبوں کی بروقت تکمیل کو یقینی بنایا جائے۔ بجلی اور کمپیوٹر کے حوالے سے ایک اجلاس منعقد ہوا جس میں صوبائی حکومت کی جانب سے مختلف امور پر تفصیلی غور کیا گیا اور متعلقہ حکام کو ہدایات جاری کی گئیں کہ عوامی مسائل کے حل کے لیے فوری اقدامات کیے جائیں اور تمام منصوبوں کی بروقت تکمیل کو یقینی بنایا جائے۔
نمبر
قیمت	37
بجلی اور کمپیوٹر کے حوالے سے ایک اجلاس منعقد ہوا جس میں صوبائی حکومت کی جانب سے مختلف امور پر تفصیلی غور کیا گیا اور متعلقہ حکام کو ہدایات جاری کی گئیں کہ عوامی مسائل کے حل کے لیے فوری اقدامات کیے جائیں اور تمام منصوبوں کی بروقت تکمیل کو یقینی بنایا جائے۔ بجلی اور کمپیوٹر کے حوالے سے ایک اجلاس منعقد ہوا جس میں صوبائی حکومت کی جانب سے مختلف امور پر تفصیلی غور کیا گیا اور متعلقہ حکام کو ہدایات جاری کی گئیں کہ عوامی مسائل کے حل کے لیے فوری اقدامات کیے جائیں اور تمام منصوبوں کی بروقت تکمیل کو یقینی بنایا جائے۔ بجلی اور کمپیوٹر کے حوالے سے ایک اجلاس منعقد ہوا جس میں صوبائی حکومت کی جانب سے مختلف امور پر تفصیلی غور کیا گیا اور متعلقہ حکام کو ہدایات جاری کی گئیں کہ عوامی مسائل کے حل کے لیے فوری اقدامات کیے جائیں اور تمام منصوبوں کی بروقت تکمیل کو یقینی بنایا جائے۔
نمبر
قیمت	38
بجلی اور کمپیوٹر کے حوالے سے ایک اجلاس منعقد ہوا جس میں صوبائی حکومت کی جانب سے مختلف امور پر تفصیلی غور کیا گیا اور متعلقہ حکام کو ہدایات جاری کی گئیں کہ عوامی مسائل کے حل کے لیے فوری اقدامات کیے جائیں اور تمام منصوبوں کی بروقت تکمیل کو یقینی بنایا جائے۔ بجلی اور کمپیوٹر کے حوالے سے ایک اجلاس منعقد ہوا جس میں صوبائی حکومت کی جانب سے مختلف امور پر تفصیلی غور کیا گیا اور متعلقہ حکام کو ہدایات جاری کی گئیں کہ عوامی مسائل کے حل کے لیے فوری اقدامات کیے جائیں اور تمام منصوبوں کی بروقت تکمیل کو یقینی بنایا جائے۔ بجلی اور کمپیوٹر کے حوالے سے ایک اجلاس منعقد ہوا جس میں صوبائی حکومت کی جانب سے مختلف امور پر تفصیلی غور کیا گیا اور متعلقہ حکام کو ہدایات جاری کی گئیں کہ عوامی مسائل کے حل کے لیے فوری اقدامات کیے جائیں اور تمام منصوبوں کی بروقت تکمیل کو یقینی بنایا جائے۔ بجلی اور کمپیوٹر کے حوالے سے ایک اجلاس منعقد ہوا جس میں صوبائی حکومت کی جانب سے مختلف امور پر تفصیلی غور کیا گیا اور متعلقہ حکام کو ہدایات جاری کی گئیں کہ عوامی مسائل کے حل کے لیے فوری اقدامات کیے جائیں اور تمام منصوبوں کی بروقت تکمیل کو یقینی بنایا جائے۔
نمبر
قیمت	39
بجلی اور کمپیوٹر کے حوالے سے ایک اجلاس منعقد ہوا جس میں صوبائی حکومت کی جانب سے مختلف امور پر تفصیلی غور کیا گیا اور متعلقہ حکام کو ہدایات جاری کی گئیں کہ عوامی مسائل کے حل کے لیے فوری اقدامات کیے جائیں اور تمام منصوبوں کی بروقت تکمیل کو یقینی بنایا جائے۔ بجلی اور کمپیوٹر کے حوالے سے ایک اجلاس منعقد ہوا جس میں صوبائی حکومت کی جانب سے مختلف امور پر تفصیلی غور کیا گیا اور متعلقہ حکام کو ہدایات جاری کی گئیں کہ عوامی مسائل کے حل کے لیے فوری اقدامات کیے جائیں اور تمام منصوبوں کی بروقت تکمیل کو یقینی بنایا جائے۔
نمبر
قیمت	40
بجلی اور کمپیوٹر کے حوالے سے ایک اجلاس منعقد ہوا جس میں صوبائی حکومت کی جانب سے مختلف امور پر تفصیلی غور کیا گیا اور متعلقہ حکام کو ہدایات جاری کی گئیں کہ عوامی مسائل کے حل کے لیے فوری اقدامات کیے جائیں اور تمام منصوبوں کی بروقت تکمیل کو یقینی بنایا جائے۔ بجلی اور کمپیوٹر کے حوالے سے ایک اجلاس منعقد ہوا جس میں صوبائی حکومت کی جانب سے مختلف امور پر تفصیلی غور کیا گیا اور متعلقہ حکام کو ہدایات جاری کی گئیں کہ عوامی مسائل کے حل کے لیے فوری اقدامات کیے جائیں اور تمام منصوبوں کی بروقت تکمیل کو یقینی بنایا جائے۔ بجلی اور کمپیوٹر کے حوالے سے ایک اجلاس منعقد ہوا جس میں صوبائی حکومت کی جانب سے مختلف امور پر تفصیلی غور کیا گیا اور متعلقہ حکام کو ہدایات جاری کی گئیں کہ عوامی مسائل کے حل کے لیے فوری اقدامات کیے جائیں اور تمام منصوبوں کی بروقت تکمیل کو یقینی بنایا جائے۔
نمبر
قیمت	41
بجلی اور کمپیوٹر کے حوالے سے ایک اجلاس منعقد ہوا جس میں صوبائی حکومت کی جانب سے مختلف امور پر تفصیلی غور کیا گیا اور متعلقہ حکام کو ہدایات جاری کی گئیں کہ عوامی مسائل کے حل کے لیے فوری اقدامات کیے جائیں اور تمام منصوبوں کی بروقت تکمیل کو یقینی بنایا جائے۔ بجلی اور کمپیوٹر کے حوالے سے ایک اجلاس منعقد ہوا جس میں صوبائی حکومت کی جانب سے مختلف امور پر تفصیلی غور کیا گیا اور متعلقہ حکام کو ہدایات جاری کی گئیں کہ عوامی مسائل کے حل کے لیے فوری اقدامات کیے جائیں اور تمام منصوبوں کی بروقت تکمیل کو یقینی بنایا جائے۔ بجلی اور کمپیوٹر کے حوالے سے ایک اجلاس منعقد ہوا جس میں صوبائی حکومت کی جانب سے مختلف امور پر تفصیلی غور کیا گیا اور متعلقہ حکام کو ہدایات جاری کی گئیں کہ عوامی مسائل کے حل کے لیے فوری اقدامات کیے جائیں اور تمام منصوبوں کی بروقت تکمیل کو یقینی بنایا جائے۔ بجلی اور کمپیوٹر کے حوالے سے ایک اجلاس منعقد ہوا جس میں صوبائی حکومت کی جانب سے مختلف امور پر تفصیلی غور کیا گیا اور متعلقہ حکام کو ہدایات جاری کی گئیں کہ عوامی مسائل کے حل کے لیے فوری اقدامات کیے جائیں اور تمام منصوبوں کی بروقت تکمیل کو یقینی بنایا جائے۔
نمبر
قیمت	42
بجلی اور کمپیوٹر کے حوالے سے ایک اجلاس منعقد ہوا جس میں صوبائی حکومت کی جانب سے مختلف امور پر تفصیلی غور کیا گیا اور متعلقہ حکام کو ہدایات جاری کی گئیں کہ عوامی مسائل کے حل کے لیے فوری اقدامات کیے جائیں اور تمام منصوبوں کی بروقت تکمیل کو یقینی بنایا جائے۔ بجلی اور کمپیوٹر کے حوالے سے ایک اجلاس منعقد ہوا جس میں صوبائی حکومت کی جانب سے مختلف امور پر تفصیلی غور کیا گیا اور متعلقہ حکام کو ہدایات جاری کی گئیں کہ عوامی مسائل کے حل کے لیے فوری اقدامات کیے جائیں اور تمام منصوبوں کی بروقت تکمیل کو یقینی بنایا جائے۔
نمبر
قیمت	43
بجلی اور کمپیوٹر کے حوالے سے ایک اجلاس منعقد ہوا جس میں صوبائی حکومت کی جانب سے مختلف امور پر تفصیلی غور کیا گیا اور متعلقہ حکام کو ہدایات جاری کی گئیں کہ عوامی مسائل کے حل کے لیے فوری اقدامات کیے جائیں اور تمام منصوبوں کی بروقت تکمیل کو یقینی بنایا جائے۔ بجلی اور کمپیوٹر کے حوالے سے ایک اجلاس منعقد ہوا جس میں صوبائی حکومت کی جانب سے مختلف امور پر تفصیلی غور کیا گیا اور متعلقہ حکام کو ہدایات جاری کی گئیں کہ عوامی مسائل کے حل کے لیے فوری اقدامات کیے جائیں اور تمام منصوبوں کی بروقت تکمیل کو یقینی بنایا جائے۔ بجلی اور کمپیوٹر کے حوالے سے ایک اجلاس منعقد ہوا جس میں صوبائی حکومت کی جانب سے مختلف امور پر تفصیلی غور کیا گیا اور متعلقہ حکام کو ہدایات جاری کی گئیں کہ عوامی مسائل کے حل کے لیے فوری اقدامات کیے جائیں اور تمام منصوبوں کی بروقت تکمیل کو یقینی بنایا جائے۔
نمبر
قیمت	44
بجلی اور کمپیوٹر کے حوالے سے ایک اجلاس منعقد ہوا جس میں صوبائی حکومت کی جانب سے مختلف امور پر تفصیلی غور کیا گیا اور متعلقہ حکام کو ہدایات جاری کی گئیں کہ عوامی مسائل کے حل کے لیے فوری اقدامات کیے جائیں اور تمام منصوبوں کی بروقت تکمیل کو یقینی بنایا جائے۔ بجلی اور کمپیوٹر کے حوالے سے ایک اجلاس منعقد ہوا جس میں صوبائی حکومت کی جانب سے مختلف امور پر تفصیلی غور کیا گیا اور متعلقہ حکام کو ہدایات جاری کی گئیں کہ عوامی مسائل کے حل کے لیے فوری اقدامات کیے جائیں اور تمام منصوبوں کی بروقت تکمیل کو یقینی بنایا جائے۔ بجلی اور کمپیوٹر کے حوالے سے ایک اجلاس منعقد ہوا جس میں صوبائی حکومت کی جانب سے مختلف امور پر تفصیلی غور کیا گیا اور متعلقہ حکام کو ہدایات جاری کی گئیں کہ عوامی مسائل کے حل کے لیے فوری اقدامات کیے جائیں اور تمام منصوبوں کی بروقت تکمیل کو یقینی بنایا جائے۔ بجلی اور کمپیوٹر کے حوالے سے ایک اجلاس منعقد ہوا جس میں صوبائی حکومت کی جانب سے مختلف امور پر تفصیلی غور کیا گیا اور متعلقہ حکام کو ہدایات جاری کی گئیں کہ عوامی مسائل کے حل کے لیے فوری اقدامات کیے جائیں اور تمام منصوبوں کی بروقت تکمیل کو یقینی بنایا جائے۔
نمبر
قیمت	45
بجلی اور کمپیوٹر کے حوالے سے ایک اجلاس منعقد ہوا جس میں صوبائی حکومت کی جانب سے مختلف امور پر تفصیلی غور کیا گیا اور متعلقہ حکام کو ہدایات جاری کی گئیں کہ عوامی مسائل کے حل کے لیے فوری اقدامات کیے جائیں اور تمام منصوبوں کی بروقت تکمیل کو یقینی بنایا جائے۔ بجلی اور کمپیوٹر کے حوالے سے ایک اجلاس منعقد ہوا جس میں صوبائی حکومت کی جانب سے مختلف امور پر تفصیلی غور کیا گیا اور متعلقہ حکام کو ہدایات جاری کی گئیں کہ عوامی مسائل کے حل کے لیے فوری اقدامات کیے جائیں اور تمام منصوبوں کی بروقت تکمیل کو یقینی بنایا جائے۔
نمبر
قیمت	46
بجلی اور کمپیوٹر کے حوالے سے ایک اجلاس منعقد ہوا جس میں صوبائی حکومت کی جانب سے مختلف امور پر تفصیلی غور کیا گیا اور متعلقہ حکام کو ہدایات جاری کی گئیں کہ عوامی مسائل کے حل کے لیے فوری اقدامات کیے جائیں اور تمام منصوبوں کی بروقت تکمیل کو یقینی بنایا جائے۔ بجلی اور کمپیوٹر کے حوالے سے ایک اجلاس منعقد ہوا جس میں صوبائی حکومت کی جانب سے مختلف امور پر تفصیلی غور کیا گیا اور متعلقہ حکام کو ہدایات جاری کی گئیں کہ عوامی مسائل کے حل کے لیے فوری اقدامات کیے جائیں اور تمام منصوبوں کی بروقت تکمیل کو یقینی بنایا جائے۔ بجلی اور کمپیوٹر کے حوالے سے ایک اجلاس منعقد ہوا جس میں صوبائی حکومت کی جانب سے مختلف امور پر تفصیلی غور کیا گیا اور متعلقہ حکام کو ہدایات جاری کی گئیں کہ عوامی مسائل کے حل کے لیے فوری اقدامات کیے جائیں اور تمام منصوبوں کی بروقت تکمیل کو یقینی بنایا جائے۔
نمبر
قیمت	47
بجلی اور کمپیوٹر کے حوالے سے ایک اجلاس منعقد ہوا جس میں صوبائی حکومت کی جانب سے مختلف امور پر تفصیلی غور کیا گیا اور متعلقہ حکام کو ہدایات جاری کی گئیں کہ عوامی مسائل کے حل کے لیے فوری اقدامات کیے جائیں اور تمام منصوبوں کی بروقت تکمیل کو یقینی بنایا جائے۔ بجلی اور کمپیوٹر کے حوالے سے ایک اجلاس منعقد ہوا جس میں صوبائی حکومت کی جانب سے مختلف امور پر تفصیلی غور کیا گیا اور متعلقہ حکام کو ہدایات جاری کی گئیں کہ عوامی مسائل کے حل کے لیے فوری اقدامات کیے جائیں اور تمام منصوبوں کی بروقت تکمیل کو یقینی بنایا جائے۔ بجلی اور کمپیوٹر کے حوالے سے ایک اجلاس منعقد ہوا جس میں صوبائی حکومت کی جانب سے مختلف امور پر تفصیلی غور کیا گیا اور متعلقہ حکام کو ہدایات جاری کی گئیں کہ عوامی مسائل کے حل کے لیے فوری اقدامات کیے جائیں اور تمام منصوبوں کی بروقت تکمیل کو یقینی بنایا جائے۔ بجلی اور کمپیوٹر کے حوالے سے ایک اجلاس منعقد ہوا جس میں صوبائی حکومت کی جانب سے مختلف امور پر تفصیلی غور کیا گیا اور متعلقہ حکام کو ہدایات جاری کی گئیں کہ عوامی مسائل کے حل کے لیے فوری اقدامات کیے جائیں اور تمام منصوبوں کی بروقت تکمیل کو یقینی بنایا جائے۔
نمبر
قیمت	48
بجلی اور کمپیوٹر کے حوالے سے ایک اجلاس منعقد ہوا جس میں صوبائی حکومت کی جانب سے مختلف امور پر تفصیلی غور کیا گیا اور متعلقہ حکام کو ہدایات جاری کی گئیں کہ عوامی مسائل کے حل کے لیے فوری اقدامات کیے جائیں اور تمام منصوبوں کی بروقت تکمیل کو یقینی بنایا جائے۔ بجلی اور کمپیوٹر کے حوالے سے ایک اجلاس منعقد ہوا جس میں صوبائی حکومت کی جانب سے مختلف امور پر تفصیلی غور کیا گیا اور متعلقہ حکام کو ہدایات جاری کی گئیں کہ عوامی مسائل کے حل کے لیے فوری اقدامات کیے جائیں اور تمام منصوبوں کی بروقت تکمیل کو یقینی بنایا جائے۔
نمبر
قیمت	49
بجلی اور کمپیوٹر کے حوالے سے ایک اجلاس منعقد ہوا جس میں صوبائی حکومت کی جانب سے مختلف امور پر تفصیلی غور کیا گیا اور متعلقہ حکام کو ہدایات جاری کی گئیں کہ عوامی مسائل کے حل کے لیے فوری اقدامات کیے جائیں اور تمام منصوبوں کی بروقت تکمیل کو یقینی بنایا جائے۔ بجلی اور کمپیوٹر کے حوالے سے ایک اجلاس منعقد ہوا جس میں صوبائی حکومت کی جانب سے مختلف امور پر تفصیلی غور کیا گیا اور متعلقہ حکام کو ہدایات جاری کی گئیں کہ عوامی مسائل کے حل کے لیے فوری اقدامات کیے جائیں اور تمام منصوبوں کی بروقت تکمیل کو یقینی بنایا جائے۔ بجلی اور کمپیوٹر کے حوالے سے ایک اجلاس منعقد ہوا جس میں صوبائی حکومت کی جانب سے مختلف امور پر تفصیلی غور کیا گیا اور متعلقہ حکام کو ہدایات جاری کی گئیں کہ عوامی مسائل کے حل کے لیے فوری اقدامات کیے جائیں اور تمام منصوبوں کی بروقت تکمیل کو یقینی بنایا جائے۔
نمبر
قیمت	50
بجلی اور کمپیوٹر کے حوالے سے ایک اجلاس منعقد ہوا جس میں صوبائی حکومت کی جانب سے مختلف امور پر تفصیلی غور کیا گیا اور متعلقہ حکام کو ہدایات جاری کی گئیں کہ عوامی مسائل کے حل کے لیے فوری اقدامات کیے جائیں اور تمام منصوبوں کی بروقت تکمیل کو یقینی بنایا جائے۔ بجلی اور کمپیوٹر کے حوالے سے ایک اجلاس منعقد ہوا جس میں صوبائی حکومت کی جانب سے مختلف امور پر تفصیلی غور کیا گیا اور متعلقہ حکام کو ہدایات جاری کی گئیں کہ عوامی مسائل کے حل کے لیے فوری اقدامات کیے جائیں اور تمام منصوبوں کی بروقت تکمیل کو یقینی بنایا جائے۔ بجلی اور کمپیوٹر کے حوالے سے ایک اجلاس منعقد ہوا جس میں صوبائی حکومت کی جانب سے مختلف امور پر تفصیلی غور کیا گیا اور متعلقہ حکام کو ہدایات جاری کی گئیں کہ عوامی مسائل کے حل کے لیے فوری اقدامات کیے جائیں اور تمام منصوبوں کی بروقت تکمیل کو یقینی بنایا جائے۔ بجلی اور کمپیوٹر کے حوالے سے ایک اجلاس منعقد ہوا جس میں صوبائی حکومت کی جانب سے مختلف امور پر تفصیلی غور کیا گیا اور متعلقہ حکام کو ہدایات جاری کی گئیں کہ عوامی مسائل کے حل کے لیے فوری اقدامات کیے جائیں اور تمام منصوبوں کی بروقت تکمیل کو یقینی بنایا جائے۔
نمبر
قیمت	51
بجلی اور کمپیوٹر کے حوالے سے ایک اجلاس منعقد ہوا جس میں صوبائی حکومت کی جانب سے مختلف امور پر تفصیلی غور کیا گیا اور متعلقہ حکام کو ہدایات جاری کی گئیں کہ عوامی مسائل کے حل کے لیے فوری اقدامات کیے جائیں اور تمام منصوبوں کی بروقت تکمیل کو یقینی بنایا جائے۔ بجلی اور کمپیوٹر کے حوالے سے ایک اجلاس منعقد ہوا جس میں صوبائی حکومت کی جانب سے مختلف امور پر تفصیلی غور کیا گیا اور متعلقہ حکام کو ہدایات جاری کی گئیں کہ عوامی مسائل کے حل کے لیے فوری اقدامات کیے جائیں اور تمام منصوبوں کی بروقت تکمیل کو یقینی بنایا جائے۔
نمبر
قیمت	52
بجلی اور کمپیوٹر کے حوالے سے ایک اجلاس منعقد ہوا جس میں صوبائی حکومت کی جانب سے مختلف امور پر تفصیلی غور کیا گیا اور متعلقہ حکام کو ہدایات جاری کی گئیں کہ عوامی مسائل کے حل کے لیے فوری اقدامات کیے جائیں اور تمام منصوبوں کی بروقت تکمیل کو یقینی بنایا جائے۔ بجلی اور کمپیوٹر کے حوالے سے ایک اجلاس منعقد ہوا جس میں صوبائی حکومت کی جانب سے مختلف امور پر تفصیلی غور کیا گیا اور متعلقہ حکام کو ہدایات جاری کی گئیں کہ عوامی مسائل کے حل کے لیے فوری اقدامات کیے جائیں اور تمام منصوبوں کی بروقت تکمیل کو یقینی بنایا جائے۔ بجلی اور کمپیوٹر کے حوالے سے ایک اجلاس منعقد ہوا جس میں صوبائی حکومت کی جانب سے مختلف امور پر تفصیلی غور کیا گیا اور متعلقہ حکام کو ہدایات جاری کی گئیں کہ عوامی مسائل کے حل کے لیے فوری اقدامات کیے جائیں اور تمام منصوبوں کی بروقت تکمیل کو یقینی بنایا جائے۔
نمبر
قیمت	53
بجلی اور کمپیوٹر کے حوالے سے ایک اجلاس منعقد ہوا جس میں صوبائی حکومت کی جانب سے مختلف امور پر تفصیلی غور کیا گیا اور متعلقہ حکام کو ہدایات جاری کی گئیں کہ عوامی مسائل کے حل کے لیے فوری اقدامات کیے جائیں اور تمام منصوبوں کی بروقت تکمیل کو یقینی بنایا جائے۔ بجلی اور کمپیوٹر کے حوالے سے ایک اجلاس منعقد ہوا جس میں صوبائی حکومت کی جانب سے مختلف امور پر تفصیلی غور کیا گیا اور متعلقہ حکام کو ہدایات جاری کی گئیں کہ عوامی مسائل کے حل کے لیے فوری اقدامات کیے جائیں اور تمام منصوبوں کی بروقت تکمیل کو یقینی بنایا جائے۔ بجلی اور کمپیوٹر کے حوالے سے ایک اجلاس منعقد ہوا جس میں صوبائی حکومت کی جانب سے مختلف امور پر تفصیلی غور کیا گیا اور متعلقہ حکام کو ہدایات جاری کی گئیں کہ عوامی مسائل کے حل کے لیے فوری اقدامات کیے جائیں اور تمام منصوبوں کی بروقت تکمیل کو یقینی بنایا جائے۔ بجلی اور کمپیوٹر کے حوالے سے ایک اجلاس منعقد ہوا جس میں صوبائی حکومت کی جانب سے مختلف امور پر تفصیلی غور کیا گیا اور متعلقہ حکام کو ہدایات جاری کی گئیں کہ عوامی مسائل کے حل کے لیے فوری اقدامات کیے جائیں اور تمام منصوبوں کی بروقت تکمیل کو یقینی بنایا جائے۔
نمبر
قیمت	54
بجلی اور کمپیوٹر کے حوالے سے ایک اجلاس منعقد ہوا جس میں صوبائی حکومت کی جانب سے مختلف امور پر تفصیلی غور کیا گیا اور متعلقہ حکام کو ہدایات جاری کی گئیں کہ عوامی مسائل کے حل کے لیے فوری اقدامات کیے جائیں اور تمام منصوبوں کی بروقت تکمیل کو یقینی بنایا جائے۔ بجلی اور کمپیوٹر کے حوالے سے ایک اجلاس منعقد ہوا جس میں صوبائی حکومت کی جانب سے مختلف امور پر تفصیلی غور کیا گیا اور متعلقہ حکام کو ہدایات جاری کی گئیں کہ عوامی مسائل کے حل کے لیے فوری اقدامات کیے جائیں اور تمام منصوبوں کی بروقت تکمیل کو یقینی بنایا جائے۔
نمبر
قیمت	55
بجلی اور کمپیوٹر کے حوالے سے ایک اجلاس منعقد ہوا جس میں صوبائی حکومت کی جانب سے مختلف امور پر تفصیلی غور کیا گیا اور متعلقہ حکام کو ہدایات جاری کی گئیں کہ عوامی مسائل کے حل کے لیے فوری اقدامات کیے جائیں اور تمام منصوبوں کی بروقت تکمیل کو یقینی بنایا جائے۔ بجلی اور کمپیوٹر کے حوالے سے ایک اجلاس منعقد ہوا جس میں صوبائی حکومت کی جانب سے مختلف امور پر تفصیلی غور کیا گیا اور متعلقہ حکام کو ہدایات جاری کی گئیں کہ عوامی مسائل کے حل کے لیے فوری اقدامات کیے جائیں اور تمام منصوبوں کی بروقت تکمیل کو یقینی بنایا جائے۔ بجلی اور کمپیوٹر کے حوالے سے ایک اجلاس منعقد ہوا جس میں صوبائی حکومت کی جانب سے مختلف امور پر تفصیلی غور کیا گیا اور متعلقہ حکام کو ہدایات جاری کی گئیں کہ عوامی مسائل کے حل کے لیے فوری اقدامات کیے جائیں اور تمام منصوبوں کی بروقت تکمیل کو یقینی بنایا جائے۔
نمبر
قیمت	56
بجلی اور کمپیوٹر کے حوالے سے ایک اجلاس منعقد ہوا جس میں صوبائی حکومت کی جانب سے مختلف امور پر تفصیلی غور کیا گیا اور متعلقہ حکام کو ہدایات جاری کی گئیں کہ عوامی مسائل کے حل کے لیے فوری اقدامات کیے جائیں اور تمام منصوبوں کی بروقت تکمیل کو یقینی بنایا جائے۔ بجلی اور کمپیوٹر کے حوالے سے ایک اجلاس منعقد ہوا جس میں صوبائی حکومت کی جانب سے مختلف امور پر تفصیلی غور کیا گیا اور متعلقہ حکام کو ہدایات جاری کی گئیں کہ عوامی مسائل کے حل کے لیے فوری اقدامات کیے جائیں اور تمام منصوبوں کی بروقت تکمیل کو یقینی بنایا جائے۔ بجلی اور کمپیوٹر کے حوالے سے ایک اجلاس منعقد ہوا جس میں صوبائی حکومت کی جانب سے مختلف امور پر تفصیلی غور کیا گیا اور متعلقہ حکام کو ہدایات جاری کی گئیں کہ عوامی مسائل کے حل کے لیے فوری اقدامات کیے جائیں اور تمام منصوبوں کی بروقت تکمیل کو یقینی بنایا جائے۔ بجلی اور کمپیوٹر کے حوالے سے ایک اجلاس منعقد ہوا جس میں صوبائی حکومت کی جانب سے مختلف امور پر تفصیلی غور کیا گیا اور متعلقہ حکام کو ہدایات جاری کی گئیں کہ عوامی مسائل کے حل کے لیے فوری اقدامات کیے جائیں اور تمام منصوبوں کی بروقت تکمیل کو یقینی بنایا جائے۔
نمبر
قیمت	57
بجلی اور کمپیوٹر کے حوالے سے ایک اجلاس منعقد ہوا جس میں صوبائی حکومت کی جانب سے مختلف امور پر تفصیلی غور کیا گیا اور متعلقہ حکام کو ہدایات جاری کی گئیں کہ عوامی مسائل کے حل کے لیے فوری اقدامات کیے جائیں اور تمام منصوبوں کی بروقت تکمیل کو یقینی بنایا جائے۔ بجلی اور کمپیوٹر کے حوالے سے ایک اجلاس منعقد ہوا جس میں صوبائی حکومت کی جانب سے مختلف امور پر تفصیلی غور کیا گیا اور متعلقہ حکام کو ہدایات جاری کی گئیں کہ عوامی مسائل کے حل کے لیے فوری اقدامات کیے جائیں اور تمام منصوبوں کی بروقت تکمیل کو یقینی بنایا جائے۔
نمبر
قیمت	58
بجلی اور کمپیوٹر کے حوالے سے ایک اجلاس منعقد ہوا جس میں صوبائی حکومت کی جانب سے مختلف امور پر تفصیلی غور کیا گیا اور متعلقہ حکام کو ہدایات جاری کی گئیں کہ عوامی مسائل کے حل کے لیے فوری اقدامات کیے جائیں اور تمام منصوبوں کی بروقت تکمیل کو یقینی بنایا جائے۔ بجلی اور کمپیوٹر کے حوالے سے ایک اجلاس منعقد ہوا جس میں صوبائی حکومت کی جانب سے مختلف امور پر تفصیلی غور کیا گیا اور متعلقہ حکام کو ہدایات جاری کی گئیں کہ عوامی مسائل کے حل کے لیے فوری اقدامات کیے جائیں اور تمام منصوبوں کی بروقت تکمیل کو یقینی بنایا جائے۔ بجلی اور کمپیوٹر کے حوالے سے ایک اجلاس منعقد ہوا جس میں صوبائی حکومت کی جانب سے مختلف امور پر تفصیلی غور کیا گیا اور متعلقہ حکام کو ہدایات جاری کی گئیں کہ عوامی مسائل کے حل کے لیے فوری اقدامات کیے جائیں اور تمام منصوبوں کی بروقت تکمیل کو یقینی بنایا جائے۔
نمبر
قیمت	59
بجلی اور کمپیوٹر کے حوالے سے ایک اجلاس منعقد ہوا جس میں صوبائی حکومت کی جانب سے مختلف امور پر تفصیلی غور کیا گیا اور متعلقہ حکام کو ہدایات جاری کی گئیں کہ عوامی مسائل کے حل کے لیے فوری اقدامات کیے جائیں اور تمام منصوبوں کی بروقت تکمیل کو یقینی بنایا جائے۔ بجلی اور کمپیوٹر کے حوالے سے ایک اجلاس منعقد ہوا جس میں صوبائی حکومت کی جانب سے مختلف امور پر تفصیلی غور کیا گیا اور متعلقہ حکام کو ہدایات جاری کی گئیں کہ عوامی مسائل کے حل کے لیے فوری اقدامات کیے جائیں اور تمام منصوبوں کی بروقت تکمیل کو یقینی بنایا جائے۔ بجلی اور کمپیوٹر کے حوالے سے ایک اجلاس منعقد ہوا جس میں صوبائی حکومت کی جانب سے مختلف امور پر تفصیلی غور کیا گیا اور متعلقہ حکام کو ہدایات جاری کی گئیں کہ عوامی مسائل کے حل کے لیے فوری اقدامات کیے جائیں اور تمام منصوبوں کی بروقت تکمیل کو یقینی بنایا جائے۔ بجلی اور کمپیوٹر کے حوالے سے ایک اجلاس منعقد ہوا جس میں صوبائی حکومت کی جانب سے مختلف امور پر تفصیلی غور کیا گیا اور متعلقہ حکام کو ہدایات جاری کی گئیں کہ عوامی مسائل کے حل کے لیے فوری اقدامات کیے جائیں اور تمام منصوبوں کی بروقت تکمیل کو یقینی بنایا جائے۔
نمبر
قیمت	60
بجلی اور کمپیوٹر کے حوالے سے ایک اجلاس منعقد ہوا جس میں صوبائی حکومت کی جانب سے مختلف امور پر تفصیلی غور کیا گیا اور متعلقہ حکام کو ہدایات جاری کی گئیں کہ عوامی مسائل کے حل کے لیے فوری اقدامات کیے جائیں اور تمام منصوبوں کی بروقت تکمیل کو یقینی بنایا جائے۔ بجلی اور کمپیوٹر کے حوالے سے ایک اجلاس منعقد ہوا جس میں صوبائی حکومت کی جانب سے مختلف امور پر تفصیلی غور کیا گیا اور متعلقہ حکام کو ہدایات جاری کی گئیں کہ عوامی مسائل کے حل کے لیے فوری اقدامات کیے جائیں اور تمام منصوبوں کی بروقت تکمیل کو یقینی بنایا جائے۔
نمبر
قیمت	61
بجلی اور کمپیوٹر کے حوالے سے ایک اجلاس منعقد ہوا جس میں صوبائی حکومت کی جانب سے مختلف امور پر تفصیلی غور کیا گیا اور متعلقہ حکام کو ہدایات جاری کی گئیں کہ عوامی مسائل کے حل کے لیے فوری اقدامات کیے جائیں اور تمام منصوبوں کی بروقت تکمیل کو یقینی بنایا جائے۔ بجلی اور کمپیوٹر کے حوالے سے ایک اجلاس منعقد ہوا جس میں صوبائی حکومت کی جانب سے مختلف امور پر تفصیلی غور کیا گیا اور متعلقہ حکام کو ہدایات جاری کی گئیں کہ عوامی مسائل کے حل کے لیے فوری اقدامات کیے جائیں اور تمام منصوبوں کی بروقت تکمیل کو یقینی بنایا جائے۔ بجلی اور کمپیوٹر کے حوالے سے ایک اجلاس منعقد ہوا جس میں صوبائی حکومت کی جانب سے مختلف امور پر تفصیلی غور کیا گیا اور متعلقہ حکام کو ہدایات جاری کی گئیں کہ عوامی مسائل کے حل کے لیے فوری اقدامات کیے جائیں اور تمام منصوبوں کی بروقت تکمیل کو یقینی بنایا جائے۔
نمبر
قیمت	62
بجلی اور کمپیوٹر کے حوالے سے ایک اجلاس منعقد ہوا جس میں صوبائی حکومت کی جانب سے مختلف امور پر تفصیلی غور کیا گیا اور متعلقہ حکام کو ہدایات جاری کی گئیں کہ عوامی مسائل کے حل کے لیے فوری اقدامات کیے جائیں اور تمام منصوبوں کی بروقت تکمیل کو یقینی بنایا جائے۔ بجلی اور کمپیوٹر کے حوالے سے ایک اجلاس منعقد ہوا جس میں صوبائی حکومت کی جانب سے مختلف امور پر تفصیلی غور کیا گیا اور متعلقہ حکام کو ہدایات جاری کی گئیں کہ عوامی مسائل کے حل کے لیے فوری اقدامات کیے جائیں اور تمام منصوبوں کی بروقت تکمیل کو یقینی بنایا جائے۔ بجلی اور کمپیوٹر کے حوالے سے ایک اجلاس منعقد ہوا جس میں صوبائی حکومت کی جانب سے مختلف امور پر تفصیلی غور کیا گیا اور متعلقہ حکام کو ہدایات جاری کی گئیں کہ عوامی مسائل کے حل کے لیے فوری اقدامات کیے جائیں اور تمام منصوبوں کی بروقت تکمیل کو یقینی بنایا جائے۔ بجلی اور کمپیوٹر کے حوالے سے ایک اجلاس منعقد ہوا جس میں صوبائی حکومت کی جانب سے مختلف امور پر تفصیلی غور کیا گیا اور متعلقہ حکام کو ہدایات جاری کی گئیں کہ عوامی مسائل کے حل کے لیے فوری اقدامات کیے جائیں اور تمام منصوبوں کی بروقت تکمیل کو یقینی بنایا جائے۔
نمبر
قیمت	63
بجلی اور کمپیوٹر کے حوالے سے ایک اجلاس منعقد ہوا جس میں صوبائی حکومت کی جانب سے مختلف امور پر تفصیلی غور کیا گیا اور متعلقہ حکام کو ہدایات جاری کی گئیں کہ عوامی مسائل کے حل کے لیے فوری اقدامات کیے جائیں اور تمام منصوبوں کی بروقت تکمیل کو یقینی بنایا جائے۔ بجلی اور کمپیوٹر کے حوالے سے ایک اجلاس منعقد ہوا جس میں صوبائی حکومت کی جانب سے مختلف امور پر تفصیلی غور کیا گیا اور متعلقہ حکام کو ہدایات جاری کی گئیں کہ عوامی مسائل کے حل کے لیے فوری اقدامات کیے جائیں اور تمام منصوبوں کی بروقت تکمیل کو یقینی بنایا جائے۔
نمبر
قیمت	64
بجلی اور کمپیوٹر کے حوالے سے ایک اجلاس منعقد ہوا جس میں صوبائی حکومت کی جانب سے مختلف امور پر تفصیلی غور کیا گیا اور متعلقہ حکام کو ہدایات جاری کی گئیں کہ عوامی مسائل کے حل کے لیے فوری اقدامات کیے جائیں اور تمام منصوبوں کی بروقت تکمیل کو یقینی بنایا جائے۔ بجلی اور کمپیوٹر کے حوالے سے ایک اجلاس منعقد ہوا جس میں صوبائی حکومت کی جانب سے مختلف امور پر تفصیلی غور کیا گیا اور متعلقہ حکام کو ہدایات جاری کی گئیں کہ عوامی مسائل کے حل کے لیے فوری اقدامات کیے جائیں اور تمام منصوبوں کی بروقت تکمیل کو یقینی بنایا جائے۔ بجلی اور کمپیوٹر کے حوالے سے ایک اجلاس منعقد ہوا جس میں صوبائی حکومت کی جانب سے مختلف امور پر تفصیلی غور کیا گیا اور متعلقہ حکام کو ہدایات جاری کی گئیں کہ عوامی مسائل کے حل کے لیے فوری اقدامات کیے جائیں اور تمام منصوبوں کی بروقت تکمیل کو یقینی بنایا جائے۔
نمبر
قیمت	65
بجلی اور کمپیوٹر کے حوالے سے ایک اجلاس منعقد ہوا جس میں صوبائی حکومت کی جانب سے مختلف امور پر تفصیلی غور کیا گیا اور متعلقہ حکام کو ہدایات جاری کی گئیں کہ عوامی مسائل کے حل کے لیے فوری اقدامات کیے جائیں اور تمام منصوبوں کی بروقت تکمیل کو یقینی بنایا جائے۔ بجلی اور کمپیوٹر کے حوالے سے ایک اجلاس منعقد ہوا جس میں صوبائی حکومت کی جانب سے مختلف امور پر تفصیلی غور کیا گیا اور متعلقہ حکام کو ہدایات جاری کی گئیں کہ عوامی مسائل کے حل کے لیے فوری اقدامات کیے جائیں اور تمام منصوبوں کی بروقت تکمیل کو یقینی بنایا جائے۔ بجلی اور کمپیوٹر کے حوالے سے ایک اجلاس منعقد ہوا جس میں صوبائی حکومت کی جانب سے مختلف امور پر تفصیلی غور کیا گیا اور متعلقہ حکام کو ہدایات جاری کی گئیں کہ عوامی مسائل کے حل کے لیے فوری اقدامات کیے جائیں اور تمام منصوبوں کی بروقت تکمیل کو یقینی بنایا جائے۔ بجلی اور کمپیوٹر کے حوالے سے ایک اجلاس منعقد ہوا جس میں صوبائی حکومت کی جانب سے مختلف امور پر تفصیلی غور کیا گیا اور متعلقہ حکام کو ہدایات جاری کی گئیں کہ عوامی مسائل کے حل کے لیے فوری اقدامات کیے جائیں اور تمام منصوبوں کی بروقت تکمیل کو یقینی بنایا جائے۔
نمبر
قیمت	66
بجلی اور کمپیوٹر کے حوالے سے ایک اجلاس منعقد ہوا جس میں صوبائی حکومت کی جانب سے مختلف امور پر تفصیلی غور کیا گیا اور متعلقہ حکام کو ہدایات جاری کی گئیں کہ عوامی مسائل کے حل کے لیے فوری اقدامات کیے جائیں اور تمام منصوبوں کی بروقت تکمیل کو یقینی بنایا جائے۔ بجلی اور کمپیوٹر کے حوالے سے ایک اجلاس منعقد ہوا جس میں صوبائی حکومت کی جانب سے مختلف امور پر تفصیلی غور کیا گیا اور متعلقہ حکام کو ہدایات جاری کی گئیں کہ عوامی مسائل کے حل کے لیے فوری اقدامات کیے جائیں اور تمام منصوبوں کی بروقت تکمیل کو یقینی بنایا جائے۔
نمبر
قیمت	67
بجلی اور کمپیوٹر کے حوالے سے ایک اجلاس منعقد ہوا جس میں صوبائی حکومت کی جانب سے مختلف امور پر تفصیلی غور کیا گیا اور متعلقہ حکام کو ہدایات جاری کی گئیں کہ عوامی مسائل کے حل کے لیے فوری اقدامات کیے جائیں اور تمام منصوبوں کی بروقت تکمیل کو یقینی بنایا جائے۔ بجلی اور کمپیوٹر کے حوالے سے ایک اجلاس منعقد ہوا جس میں صوبائی حکومت کی جانب سے مختلف امور پر تفصیلی غور کیا گیا اور متعلقہ حکام کو ہدایات جاری کی گئیں کہ عوامی مسائل کے حل کے لیے فوری اقدامات کیے جائیں اور تمام منصوبوں کی بروقت تکمیل کو یقینی بنایا جائے۔ بجلی اور کمپیوٹر کے حوالے سے ایک اجلاس منعقد ہوا جس میں صوبائی حکومت کی جانب سے مختلف امور پر تفصیلی غور کیا گیا اور متعلقہ حکام کو ہدایات جاری کی گئیں کہ عوامی مسائل کے حل کے لیے فوری اقدامات کیے جائیں اور تمام منصوبوں کی بروقت تکمیل کو یقینی بنایا جائے۔
نمبر
قیمت	68
بجلی اور کمپیوٹر کے حوالے سے ایک اجلاس منعقد ہوا جس میں صوبائی حکومت کی جانب سے مختلف امور پر تفصیلی غور کیا گیا اور متعلقہ حکام کو ہدایات جاری کی گئیں کہ عوامی مسائل کے حل کے لیے فوری اقدامات کیے جائیں اور تمام منصوبوں کی بروقت تکمیل کو یقینی بنایا جائے۔ بجلی اور کمپیوٹر کے حوالے سے ایک اجلاس منعقد ہوا جس میں صوبائی حکومت کی جانب سے مختلف امور پر تفصیلی غور کیا گیا اور متعلقہ حکام کو ہدایات جاری کی گئیں کہ عوامی مسائل کے حل کے لیے فوری اقدامات کیے جائیں اور تمام منصوبوں کی بروقت تکمیل کو یقینی بنایا جائے۔ بجلی اور کمپیوٹر کے حوالے سے ایک اجلاس منعقد ہوا جس میں صوبائی حکومت کی جانب سے مختلف امور پر تفصیلی غور کیا گیا اور متعلقہ حکام کو ہدایات جاری کی گئیں کہ عوامی مسائل کے حل کے لیے فوری اقدامات کیے جائیں اور تمام منصوبوں کی بروقت تکمیل کو یقینی بنایا جائے۔ بجلی اور کمپیوٹر کے حوالے سے ایک اجلاس منعقد ہوا جس میں صوبائی حکومت کی جانب سے مختلف امور پر تفصیلی غور کیا گیا اور متعلقہ حکام کو ہدایات جاری کی گئیں کہ عوامی مسائل کے حل کے لیے فوری اقدامات کیے جائیں اور تمام منصوبوں کی بروقت تکمیل کو یقینی بنایا جائے۔
نمبر
قیمت	69
بجلی اور کمپیوٹر کے حوالے سے ایک اجلاس منعقد ہوا جس میں صوبائی حکومت کی جانب سے مختلف امور پر تفصیلی غور کیا گیا اور متعلقہ حکام کو ہدایات جاری کی گئیں کہ عوامی مسائل کے حل کے لیے فوری اقدامات کیے جائیں اور تمام منصوبوں کی بروقت تکمیل کو یقینی بنایا جائے۔ بجلی اور کمپیوٹر کے حوالے سے ایک اجلاس منعقد ہوا جس میں صوبائی حکومت کی جانب سے مختلف امور پر تفصیلی غور کیا گیا اور متعلقہ حکام کو ہدایات جاری کی گئیں کہ عوامی مسائل کے حل کے لیے فوری اقدامات کیے جائیں اور تمام منصوبوں کی بروقت تکمیل کو یقینی بنایا جائے۔
